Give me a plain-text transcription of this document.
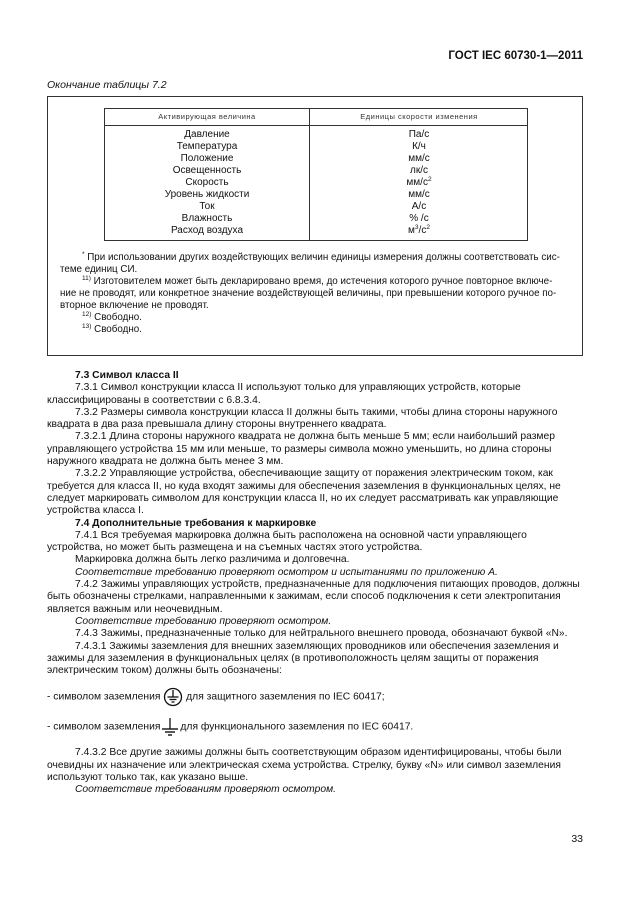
ГОСТ IEC 60730-1—2011
Окончание таблицы 7.2
Активирующая величина	Единицы скорости изменения
Давление
Температура
Положение
Освещенность
Скорость
Уровень жидкости
Ток
Влажность
Расход воздуха
Па/с
К/ч
мм/с
лк/с
$мм/с^2$
мм/с
А/с
% /с
$м^3/с^2$

* При использовании других воздействующих величин единицы измерения должны соответствовать сис-

теме единиц СИ.

$^{11)}$ Изготовителем может быть декларировано время, до истечения которого ручное повторное включе-

ние не проводят, или конкретное значение воздействующей величины, при превышении которого ручное по-

вторное включение не проводят.

$^{12)}$ Свободно.

$^{13)}$ Свободно.

7.3 Символ класса II

7.3.1 Символ конструкции класса II используют только для управляющих устройств, которые классифицированы в соответствии с 6.8.3.4.

7.3.2 Размеры символа конструкции класса II должны быть такими, чтобы длина стороны наружного квадрата в два раза превышала длину стороны внутреннего квадрата.

7.3.2.1 Длина стороны наружного квадрата не должна быть меньше 5 мм; если наибольший размер управляющего устройства 15 мм или меньше, то размеры символа можно уменьшить, но длина стороны наружного квадрата не должна быть менее 3 мм.

7.3.2.2 Управляющие устройства, обеспечивающие защиту от поражения электрическим током, как требуется для класса II, но куда входят зажимы для обеспечения заземления в функциональных целях, не следует маркировать символом для конструкции класса II, но их следует рассматривать как управляющие устройства класса I.

7.4 Дополнительные требования к маркировке

7.4.1 Вся требуемая маркировка должна быть расположена на основной части управляющего устройства, но может быть размещена и на съемных частях этого устройства.

Маркировка должна быть легко различима и долговечна.

Соответствие требованию проверяют осмотром и испытаниями по приложению А.

7.4.2 Зажимы управляющих устройств, предназначенные для подключения питающих проводов, должны быть обозначены стрелками, направленными к зажимам, если способ подключения к сети электропитания является важным или неочевидным.

Соответствие требованию проверяют осмотром.

7.4.3 Зажимы, предназначенные только для нейтрального внешнего провода, обозначают буквой «N».

7.4.3.1 Зажимы заземления для внешних заземляющих проводников или обеспечения заземления и зажимы для заземления в функциональных целях (в противоположность целям защиты от поражения электрическим током) должны быть обозначены:

- символом заземления	для защитного заземления по IEC 60417;

- символом заземления для функционального заземления по IEC 60417.

7.4.3.2 Все другие зажимы должны быть соответствующим образом идентифицированы, чтобы были очевидны их назначение или электрическая схема устройства. Стрелку, букву «N» или символ заземления используют только так, как указано выше.

Соответствие требованиям проверяют осмотром.

33
